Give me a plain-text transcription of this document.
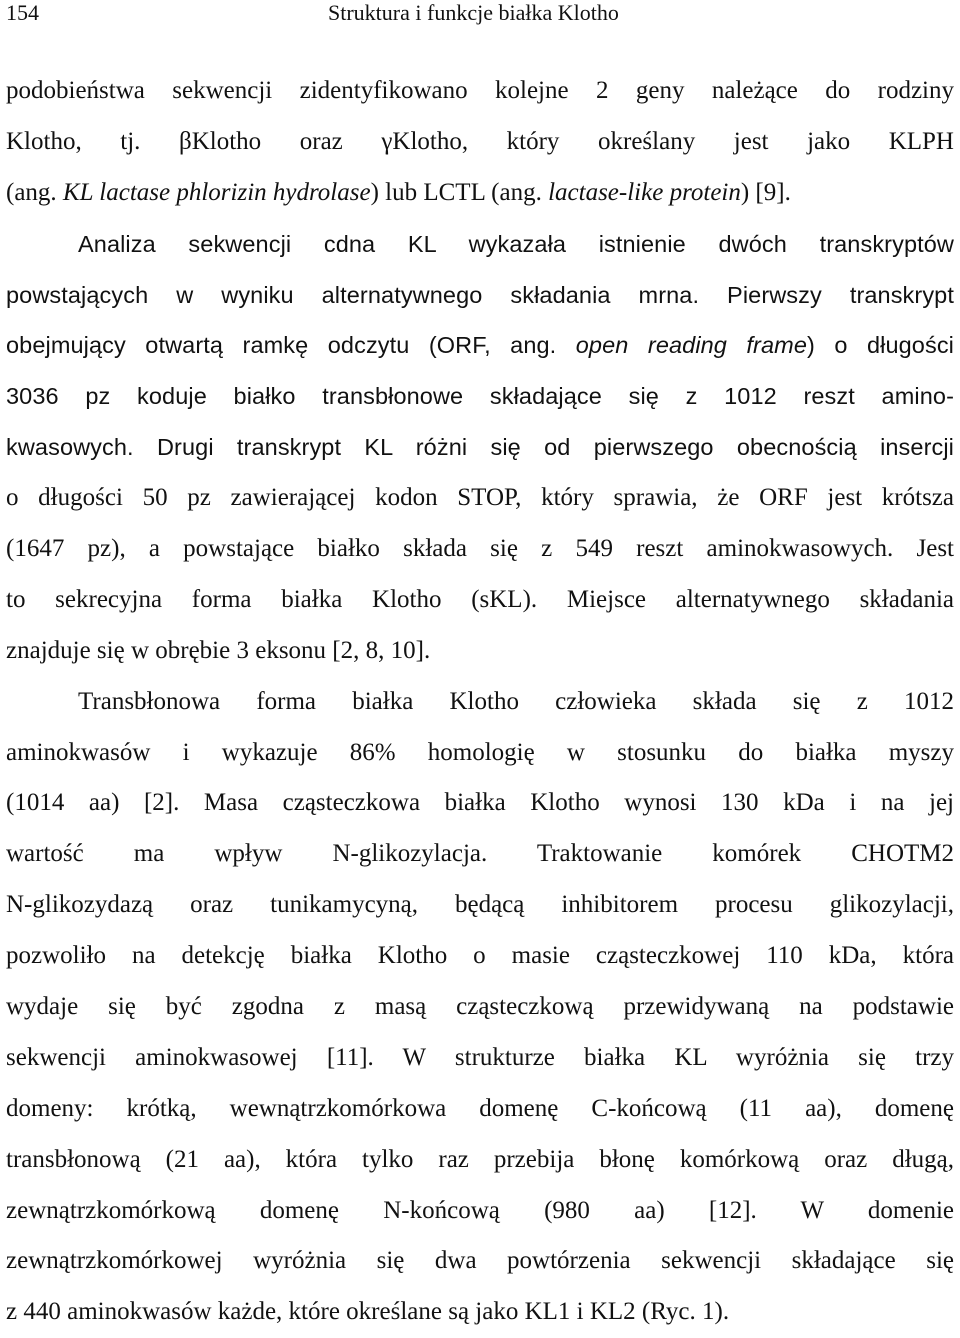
154	Struktura i funkcje białka Klotho
podobieństwa sekwencji zidentyfikowano kolejne 2 geny należące do rodziny
Klotho, tj. βKlotho oraz γKlotho, który określany jest jako KLPH
(ang. KL lactase phlorizin hydrolase) lub LCTL (ang. lactase-like protein) [9].
Analiza sekwencji cdna KL wykazała istnienie dwóch transkryptów
powstających w wyniku alternatywnego składania mrna. Pierwszy transkrypt
obejmujący otwartą ramkę odczytu (ORF, ang. open reading frame) o długości
3036 pz koduje białko transbłonowe składające się z 1012 reszt amino-
kwasowych. Drugi transkrypt KL różni się od pierwszego obecnością insercji
o długości 50 pz zawierającej kodon STOP, który sprawia, że ORF jest krótsza
(1647 pz), a powstające białko składa się z 549 reszt aminokwasowych. Jest
to sekrecyjna forma białka Klotho (sKL). Miejsce alternatywnego składania
znajduje się w obrębie 3 eksonu [2, 8, 10].
Transbłonowa forma białka Klotho człowieka składa się z 1012
aminokwasów i wykazuje 86% homologię w stosunku do białka myszy
(1014 aa) [2]. Masa cząsteczkowa białka Klotho wynosi 130 kDa i na jej
wartość ma wpływ N-glikozylacja. Traktowanie komórek CHOTM2
N-glikozydazą oraz tunikamycyną, będącą inhibitorem procesu glikozylacji,
pozwoliło na detekcję białka Klotho o masie cząsteczkowej 110 kDa, która
wydaje się być zgodna z masą cząsteczkową przewidywaną na podstawie
sekwencji aminokwasowej [11]. W strukturze białka KL wyróżnia się trzy
domeny: krótką, wewnątrzkomórkowa domenę C-końcową (11 aa), domenę
transbłonową (21 aa), która tylko raz przebija błonę komórkową oraz długą,
zewnątrzkomórkową domenę N-końcową (980 aa) [12]. W domenie
zewnątrzkomórkowej wyróżnia się dwa powtórzenia sekwencji składające się
z 440 aminokwasów każde, które określane są jako KL1 i KL2 (Ryc. 1).
